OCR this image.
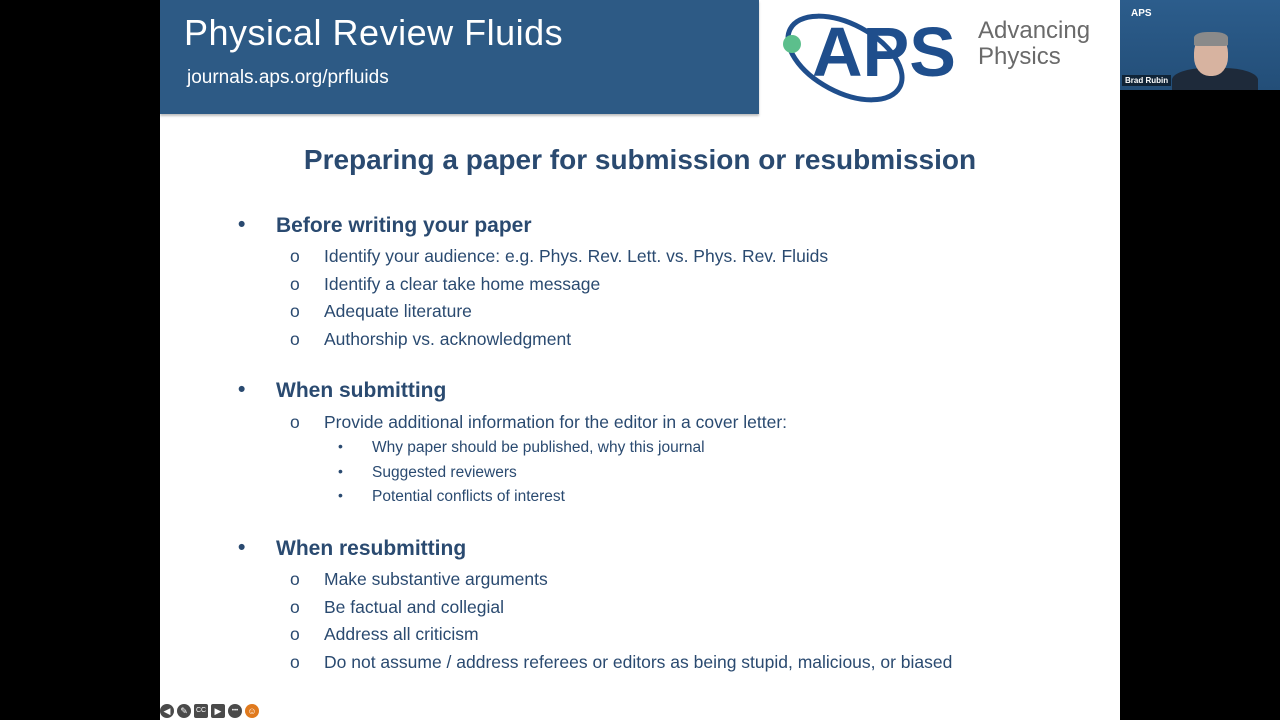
Physical Review Fluids
journals.aps.org/prfluids	APS Advancing
Physics
Preparing a paper for submission or resubmission
• Before writing your paper
o Identify your audience: e.g. Phys. Rev. Lett. vs. Phys. Rev. Fluids
o Identify a clear take home message
o Adequate literature
o Authorship vs. acknowledgment
• When submitting
o Provide additional information for the editor in a cover letter:
• Why paper should be published, why this journal
• Suggested reviewers
• Potential conflicts of interest
• When resubmitting
o Make substantive arguments
o Be factual and collegial
o Address all criticism
o Do not assume / address referees or editors as being stupid, malicious, or biased
◀	✎	CC ▶	•••	☺
APS
Brad Rubin
